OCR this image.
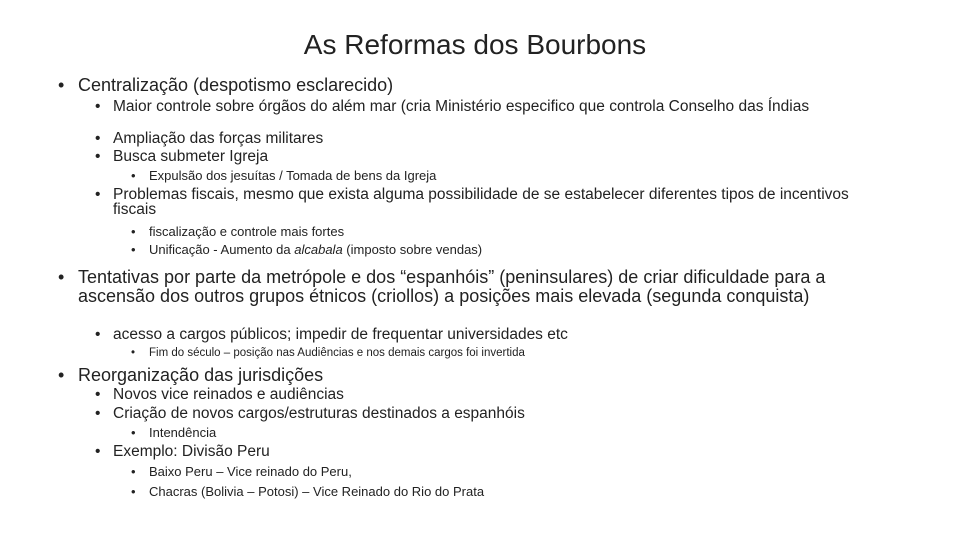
As Reformas dos Bourbons
• Centralização (despotismo esclarecido)
• Maior controle sobre órgãos do além mar (cria Ministério especifico que controla Conselho das Índias
• Ampliação das forças militares
• Busca submeter Igreja
• Expulsão dos jesuítas / Tomada de bens da Igreja
• Problemas fiscais, mesmo que exista alguma possibilidade de se estabelecer diferentes tipos de incentivos fiscais
• fiscalização e controle mais fortes
• Unificação - Aumento da alcabala (imposto sobre vendas)
• Tentativas por parte da metrópole e dos “espanhóis” (peninsulares) de criar dificuldade para a ascensão dos outros grupos étnicos (criollos) a posições mais elevada (segunda conquista)
• acesso a cargos públicos; impedir de frequentar universidades etc
• Fim do século – posição nas Audiências e nos demais cargos foi invertida
• Reorganização das jurisdições
• Novos vice reinados e audiências
• Criação de novos cargos/estruturas destinados a espanhóis
• Intendência
• Exemplo: Divisão Peru
• Baixo Peru – Vice reinado do Peru,
• Chacras (Bolivia – Potosi) – Vice Reinado do Rio do Prata
